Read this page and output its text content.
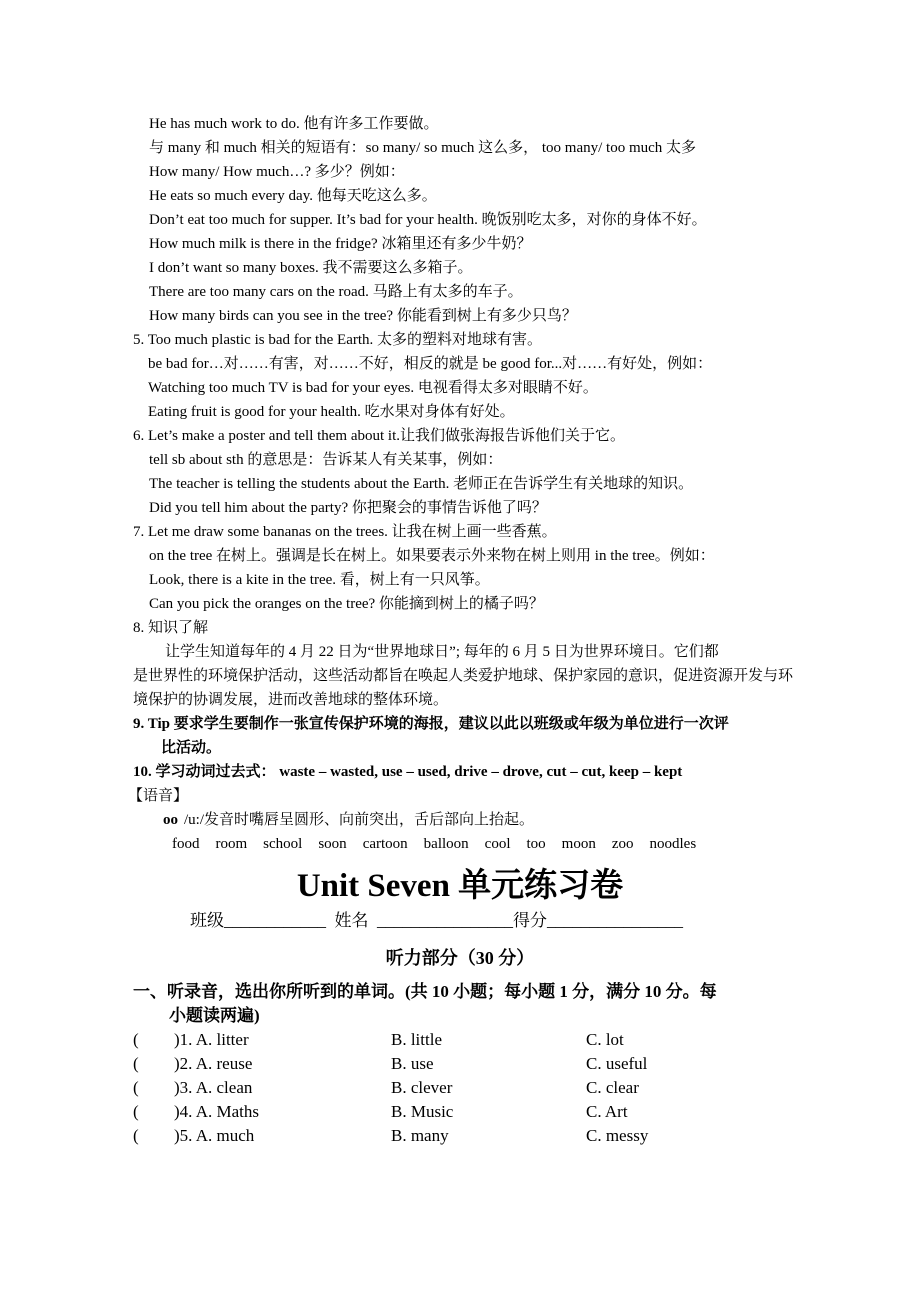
He has much work to do. 他有许多工作要做。
与 many 和 much 相关的短语有：so many/ so much 这么多， too many/ too much 太多
How many/ How much…? 多少？例如：
He eats so much every day. 他每天吃这么多。
Don’t eat too much for supper. It’s bad for your health. 晚饭别吃太多，对你的身体不好。
How much milk is there in the fridge? 冰箱里还有多少牛奶？
I don’t want so many boxes. 我不需要这么多箱子。
There are too many cars on the road. 马路上有太多的车子。
How many birds can you see in the tree? 你能看到树上有多少只鸟？
5. Too much plastic is bad for the Earth. 太多的塑料对地球有害。
be bad for…对……有害，对……不好，相反的就是 be good for...对……有好处，例如：
Watching too much TV is bad for your eyes. 电视看得太多对眼睛不好。
Eating fruit is good for your health. 吃水果对身体有好处。
6. Let’s make a poster and tell them about it.让我们做张海报告诉他们关于它。
tell sb about sth 的意思是：告诉某人有关某事，例如：
The teacher is telling the students about the Earth. 老师正在告诉学生有关地球的知识。
Did you tell him about the party? 你把聚会的事情告诉他了吗？
7. Let me draw some bananas on the trees. 让我在树上画一些香蕉。
on the tree 在树上。强调是长在树上。如果要表示外来物在树上则用 in the tree。例如：
Look, there is a kite in the tree. 看，树上有一只风筝。
Can you pick the oranges on the tree? 你能摘到树上的橘子吗？
8. 知识了解
让学生知道每年的 4 月 22 日为“世界地球日”; 每年的 6 月 5 日为世界环境日。它们都
是世界性的环境保护活动，这些活动都旨在唤起人类爱护地球、保护家园的意识，促进资源开发与环境保护的协调发展，进而改善地球的整体环境。
9. Tip 要求学生要制作一张宣传保护环境的海报，建议以此以班级或年级为单位进行一次评
比活动。
10. 学习动词过去式： waste – wasted, use – used, drive – drove, cut – cut, keep – kept
【语音】
oo /u:/发音时嘴唇呈圆形、向前突出，舌后部向上抬起。
food room school soon cartoon balloon cool too moon zoo noodles
Unit Seven 单元练习卷
班级____________  姓名  ________________得分________________
听力部分（30 分）
一、听录音，选出你所听到的单词。(共 10 小题；每小题 1 分，满分 10 分。每
小题读两遍)
( )1. A. litter	B. little	C. lot
( )2. A. reuse	B. use	C. useful
( )3. A. clean	B. clever	C. clear
( )4. A. Maths	B. Music	C. Art
( )5. A. much	B. many	C. messy
